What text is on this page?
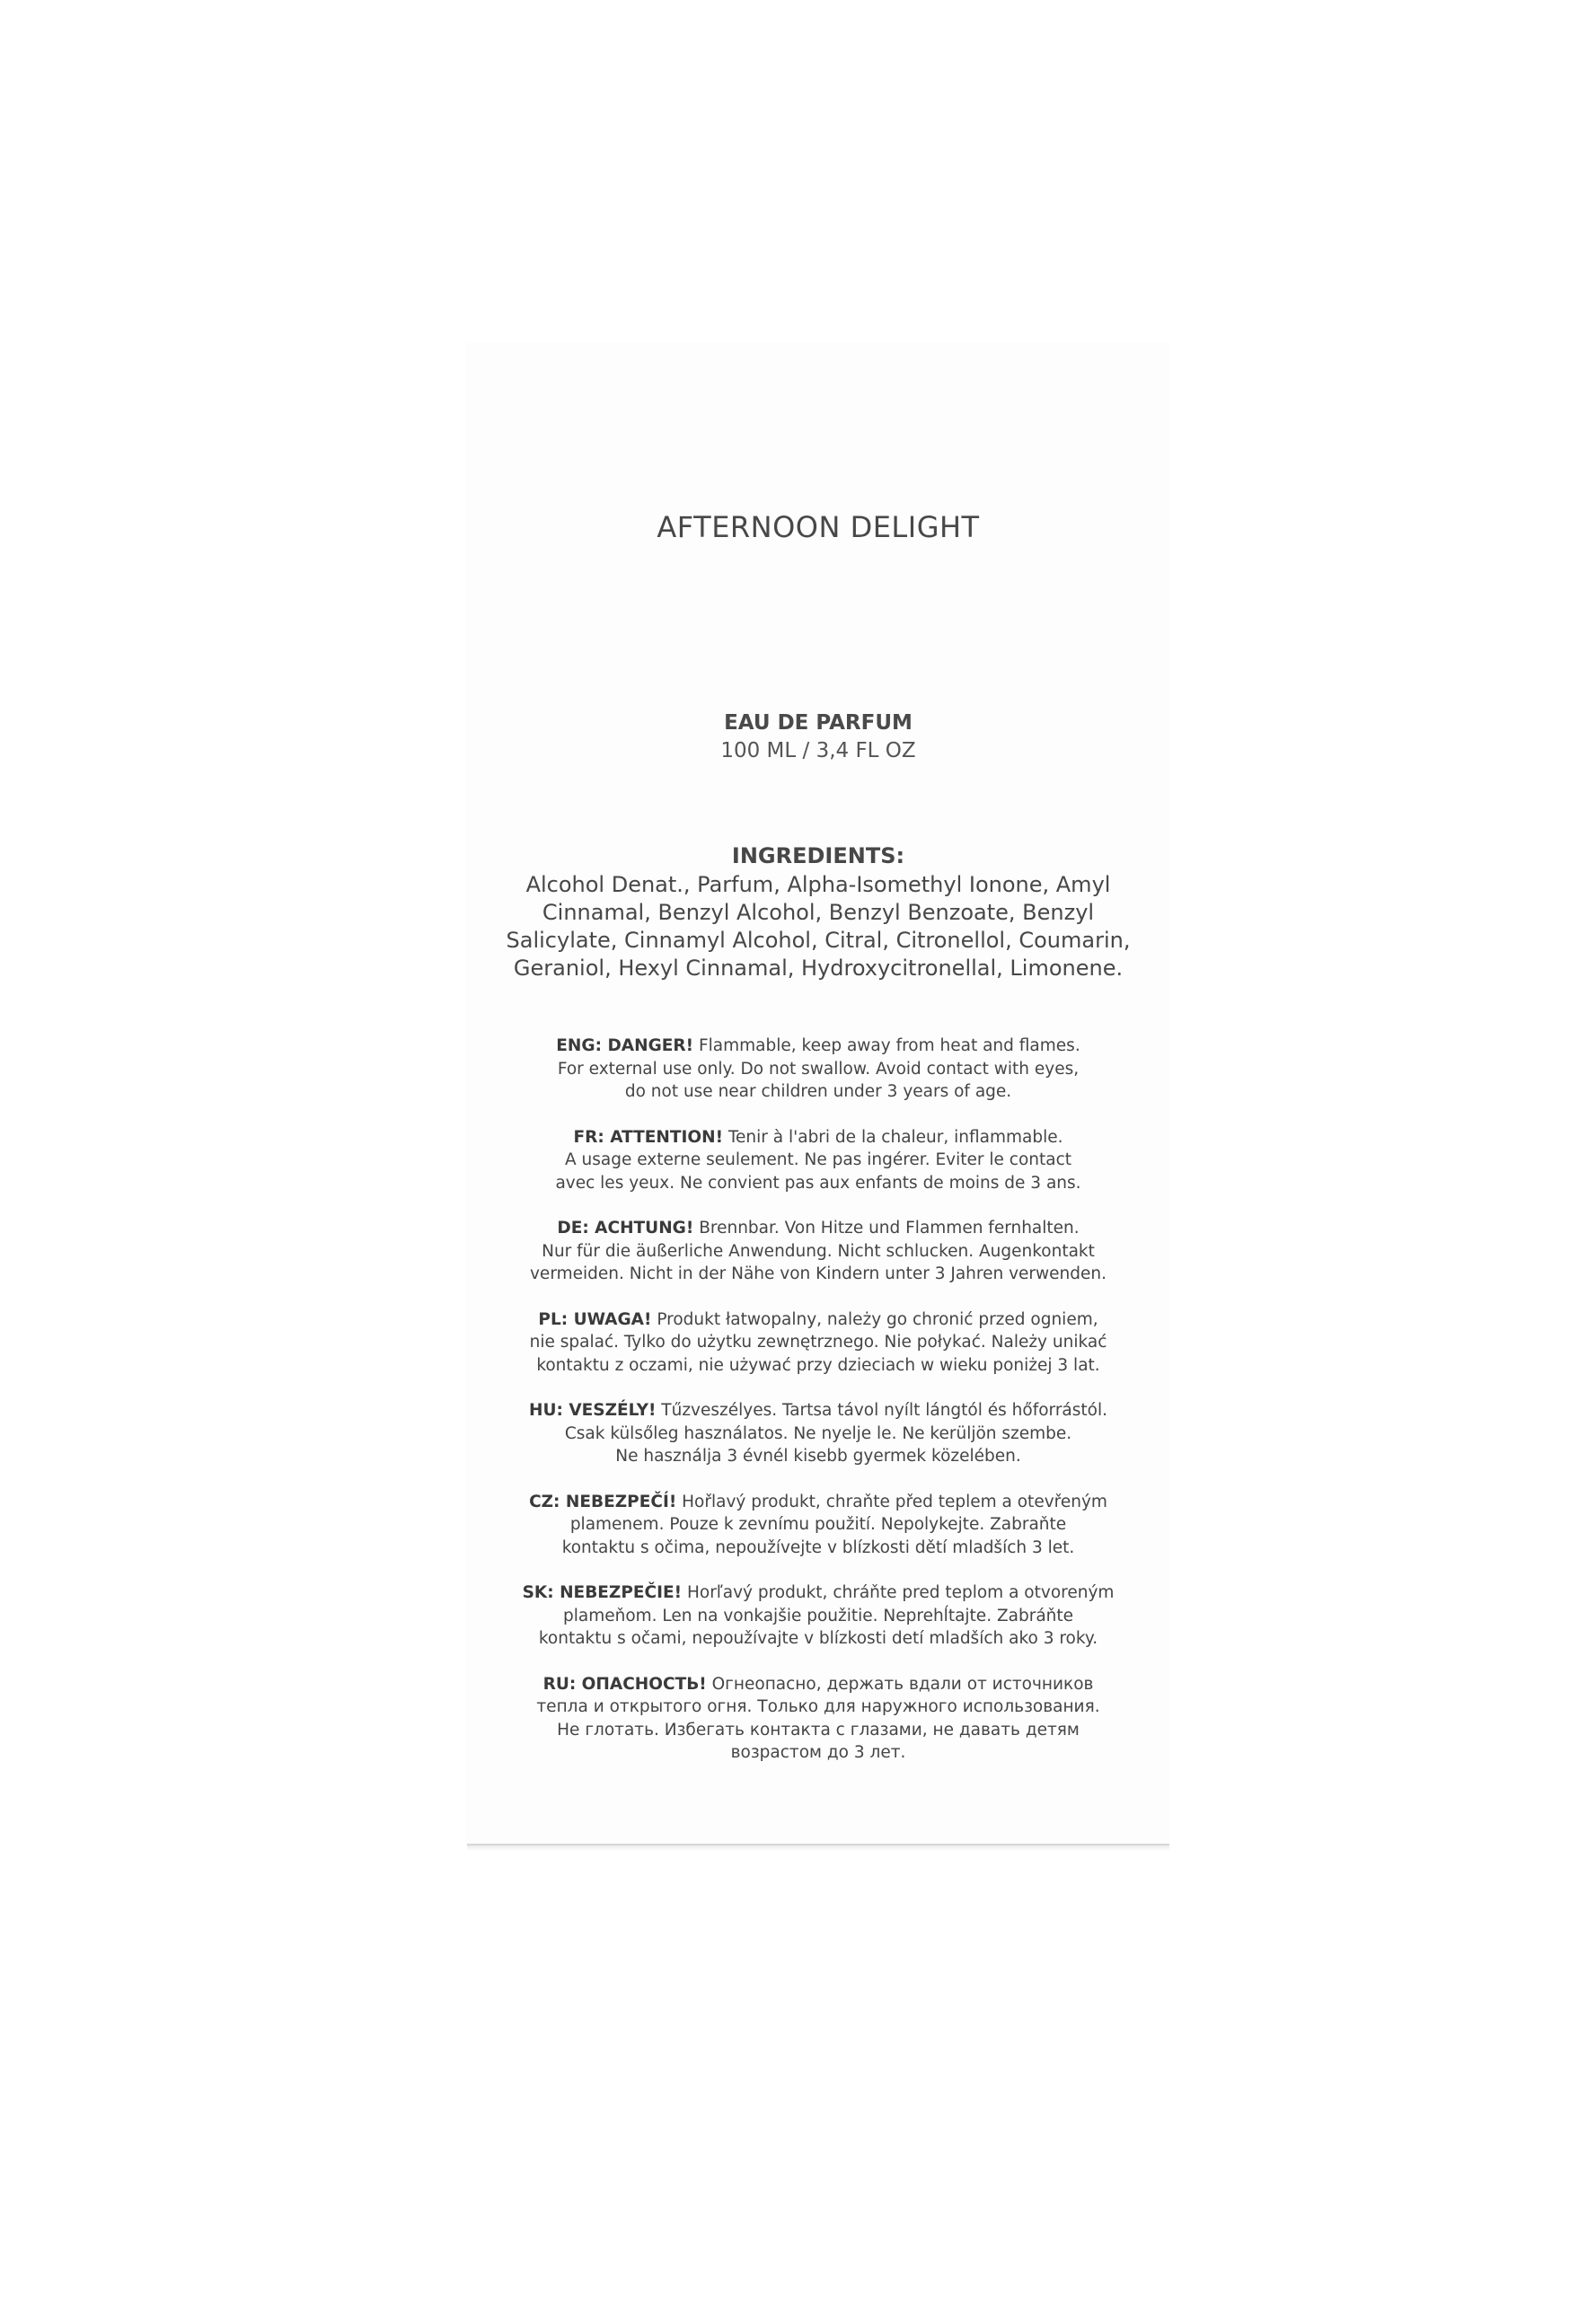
AFTERNOON DELIGHT
EAU DE PARFUM
100 ML / 3,4 FL OZ
INGREDIENTS:
Alcohol Denat., Parfum, Alpha-Isomethyl Ionone, Amyl Cinnamal, Benzyl Alcohol, Benzyl Benzoate, Benzyl Salicylate, Cinnamyl Alcohol, Citral, Citronellol, Coumarin, Geraniol, Hexyl Cinnamal, Hydroxycitronellal, Limonene.

ENG: DANGER! Flammable, keep away from heat and flames.
For external use only. Do not swallow. Avoid contact with eyes,
do not use near children under 3 years of age.

FR: ATTENTION! Tenir à l'abri de la chaleur, inflammable.
A usage externe seulement. Ne pas ingérer. Eviter le contact
avec les yeux. Ne convient pas aux enfants de moins de 3 ans.

DE: ACHTUNG! Brennbar. Von Hitze und Flammen fernhalten.
Nur für die äußerliche Anwendung. Nicht schlucken. Augenkontakt
vermeiden. Nicht in der Nähe von Kindern unter 3 Jahren verwenden.

PL: UWAGA! Produkt łatwopalny, należy go chronić przed ogniem,
nie spalać. Tylko do użytku zewnętrznego. Nie połykać. Należy unikać
kontaktu z oczami, nie używać przy dzieciach w wieku poniżej 3 lat.

HU: VESZÉLY! Tűzveszélyes. Tartsa távol nyílt lángtól és hőforrástól.
Csak külsőleg használatos. Ne nyelje le. Ne kerüljön szembe.
Ne használja 3 évnél kisebb gyermek közelében.

CZ: NEBEZPEČÍ! Hořlavý produkt, chraňte před teplem a otevřeným
plamenem. Pouze k zevnímu použití. Nepolykejte. Zabraňte
kontaktu s očima, nepoužívejte v blízkosti dětí mladších 3 let.

SK: NEBEZPEČIE! Horľavý produkt, chráňte pred teplom a otvoreným
plameňom. Len na vonkajšie použitie. Neprehĺtajte. Zabráňte
kontaktu s očami, nepoužívajte v blízkosti detí mladších ako 3 roky.

RU: ОПАСНОСТЬ! Огнеопасно, держать вдали от источников
тепла и открытого огня. Только для наружного использования.
Не глотать. Избегать контакта с глазами, не давать детям
возрастом до 3 лет.
